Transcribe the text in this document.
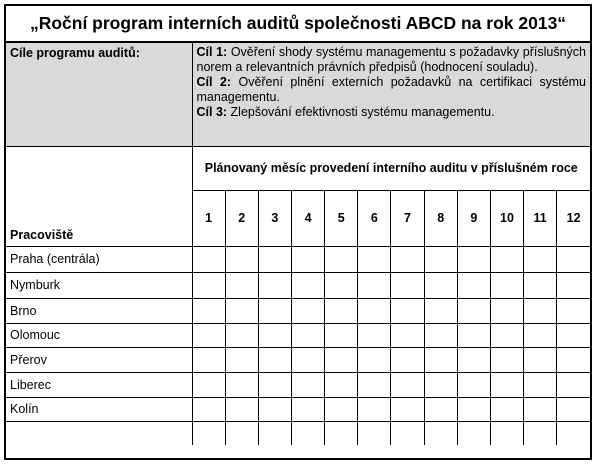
„Roční program interních auditů společnosti ABCD na rok 2013“
Cíle programu auditů:	Cíl 1: Ověření shody systému managementu s požadavky příslušných norem a relevantních právních předpisů (hodnocení souladu).

Cíl 2: Ověření plnění externích požadavků na certifikaci systému managementu.

Cíl 3: Zlepšování efektivnosti systému managementu.											

	Plánovaný měsíc provedení interního auditu v příslušném roce											
Pracoviště	1	2	3	4	5	6	7	8	9	10	11	12
Praha (centrála)												
Nymburk												
Brno												
Olomouc												
Přerov												
Liberec												
Kolín												
